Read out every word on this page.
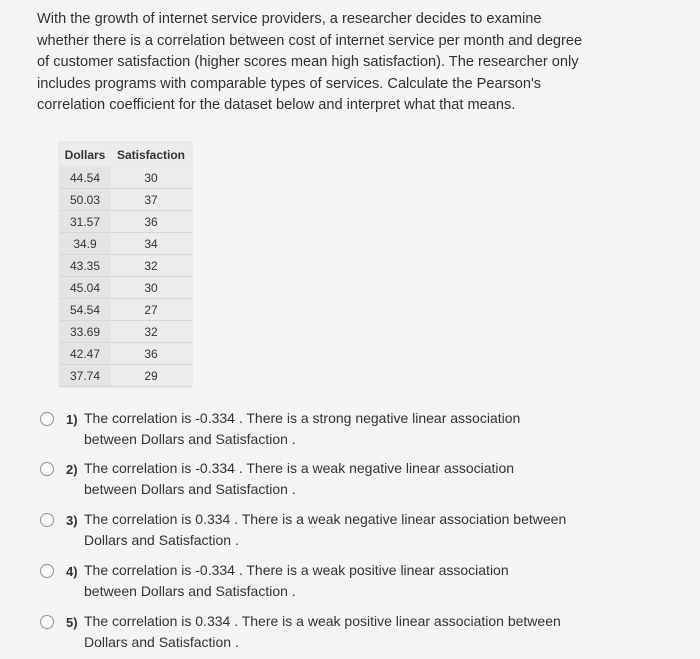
With the growth of internet service providers, a researcher decides to examine whether there is a correlation between cost of internet service per month and degree of customer satisfaction (higher scores mean high satisfaction). The researcher only includes programs with comparable types of services. Calculate the Pearson's correlation coefficient for the dataset below and interpret what that means.

Dollars	Satisfaction
44.54	30
50.03	37
31.57	36
34.9	34
43.35	32
45.04	30
54.54	27
33.69	32
42.47	36
37.74	29
1) The correlation is -0.334 . There is a strong negative linear association
between Dollars and Satisfaction .
2) The correlation is -0.334 . There is a weak negative linear association
between Dollars and Satisfaction .
3) The correlation is 0.334 . There is a weak negative linear association between
Dollars and Satisfaction .
4) The correlation is -0.334 . There is a weak positive linear association
between Dollars and Satisfaction .
5) The correlation is 0.334 . There is a weak positive linear association between
Dollars and Satisfaction .
